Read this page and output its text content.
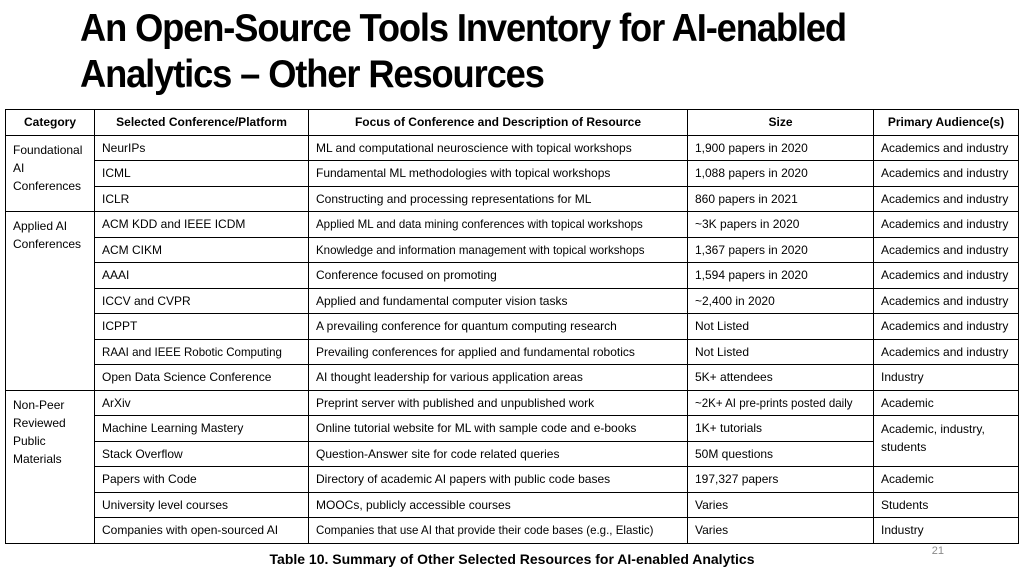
An Open-Source Tools Inventory for AI-enabled Analytics – Other Resources
Category	Selected Conference/Platform	Focus of Conference and Description of Resource	Size	Primary Audience(s)
Foundational AI Conferences	NeurIPs	ML and computational neuroscience with topical workshops	1,900 papers in 2020	Academics and industry
	ICML	Fundamental ML methodologies with topical workshops	1,088 papers in 2020	Academics and industry
	ICLR	Constructing and processing representations for ML	860 papers in 2021	Academics and industry
Applied AI Conferences	ACM KDD and IEEE ICDM	Applied ML and data mining conferences with topical workshops	~3K papers in 2020	Academics and industry
	ACM CIKM	Knowledge and information management with topical workshops	1,367 papers in 2020	Academics and industry
	AAAI	Conference focused on promoting	1,594 papers in 2020	Academics and industry
	ICCV and CVPR	Applied and fundamental computer vision tasks	~2,400 in 2020	Academics and industry
	ICPPT	A prevailing conference for quantum computing research	Not Listed	Academics and industry
	RAAI and IEEE Robotic Computing	Prevailing conferences for applied and fundamental robotics	Not Listed	Academics and industry
	Open Data Science Conference	AI thought leadership for various application areas	5K+ attendees	Industry
Non-Peer Reviewed Public Materials	ArXiv	Preprint server with published and unpublished work	~2K+ AI pre-prints posted daily	Academic
	Machine Learning Mastery	Online tutorial website for ML with sample code and e-books	1K+ tutorials	Academic, industry, students
	Stack Overflow	Question-Answer site for code related queries	50M questions	
	Papers with Code	Directory of academic AI papers with public code bases	197,327 papers	Academic
	University level courses	MOOCs, publicly accessible courses	Varies	Students
	Companies with open-sourced AI	Companies that use AI that provide their code bases (e.g., Elastic)	Varies	Industry
Table 10. Summary of Other Selected Resources for AI-enabled Analytics	21
